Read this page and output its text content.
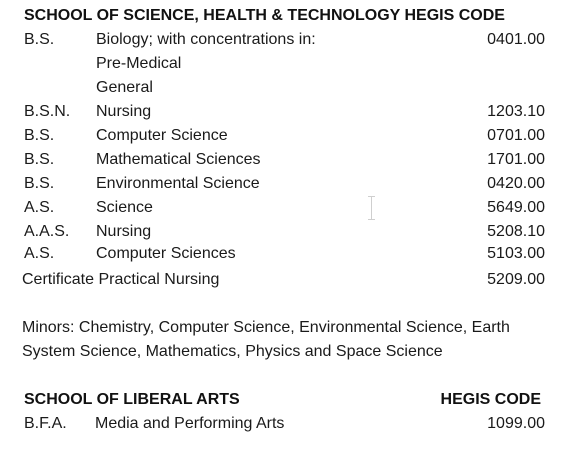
SCHOOL OF SCIENCE, HEALTH & TECHNOLOGY HEGIS CODE
B.S.	Biology; with concentrations in:	0401.00
Pre-Medical
General
B.S.N. Nursing	1203.10
B.S.	Computer Science	0701.00
B.S.	Mathematical Sciences	1701.00
B.S.	Environmental Science	0420.00
A.S.	Science	5649.00
A.A.S. Nursing	5208.10
A.S.	Computer Sciences	5103.00
Certificate Practical Nursing	5209.00
Minors: Chemistry, Computer Science, Environmental Science, Earth
System Science, Mathematics, Physics and Space Science
SCHOOL OF LIBERAL ARTS	HEGIS CODE
B.F.A. Media and Performing Arts	1099.00
